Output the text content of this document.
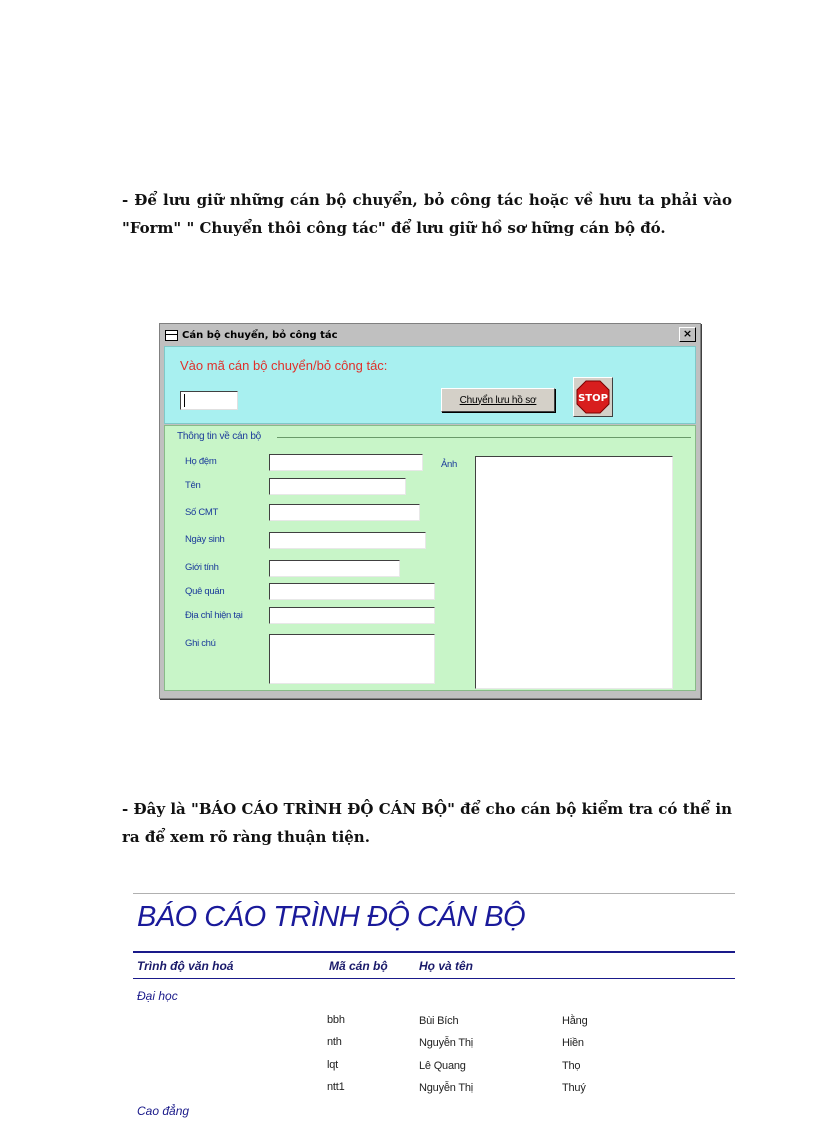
- Để lưu giữ những cán bộ chuyển, bỏ công tác hoặc về hưu ta phải vào
"Form" " Chuyển thôi công tác" để lưu giữ hồ sơ hững cán bộ đó.
Cán bộ chuyển, bỏ công tác	×
Vào mã cán bộ chuyển/bỏ công tác:
Chuyển lưu hồ sơ	STOP
Thông tin về cán bộ
Họ đệm
Tên
Số CMT
Ngày sinh
Giới tính
Quê quán
Địa chỉ hiện tại
Ghi chú
Ảnh
- Đây là "BÁO CÁO TRÌNH ĐỘ CÁN BỘ" để cho cán bộ kiểm tra có thể in
ra để xem rõ ràng thuận tiện.
BÁO CÁO TRÌNH ĐỘ CÁN BỘ
Trình độ văn hoá	Mã cán bộ	Họ và tên
Đại học
bbh	Bùi Bích	Hằng
nth	Nguyễn Thị	Hiền
lqt	Lê Quang	Thọ
ntt1	Nguyễn Thị	Thuý
Cao đẳng
